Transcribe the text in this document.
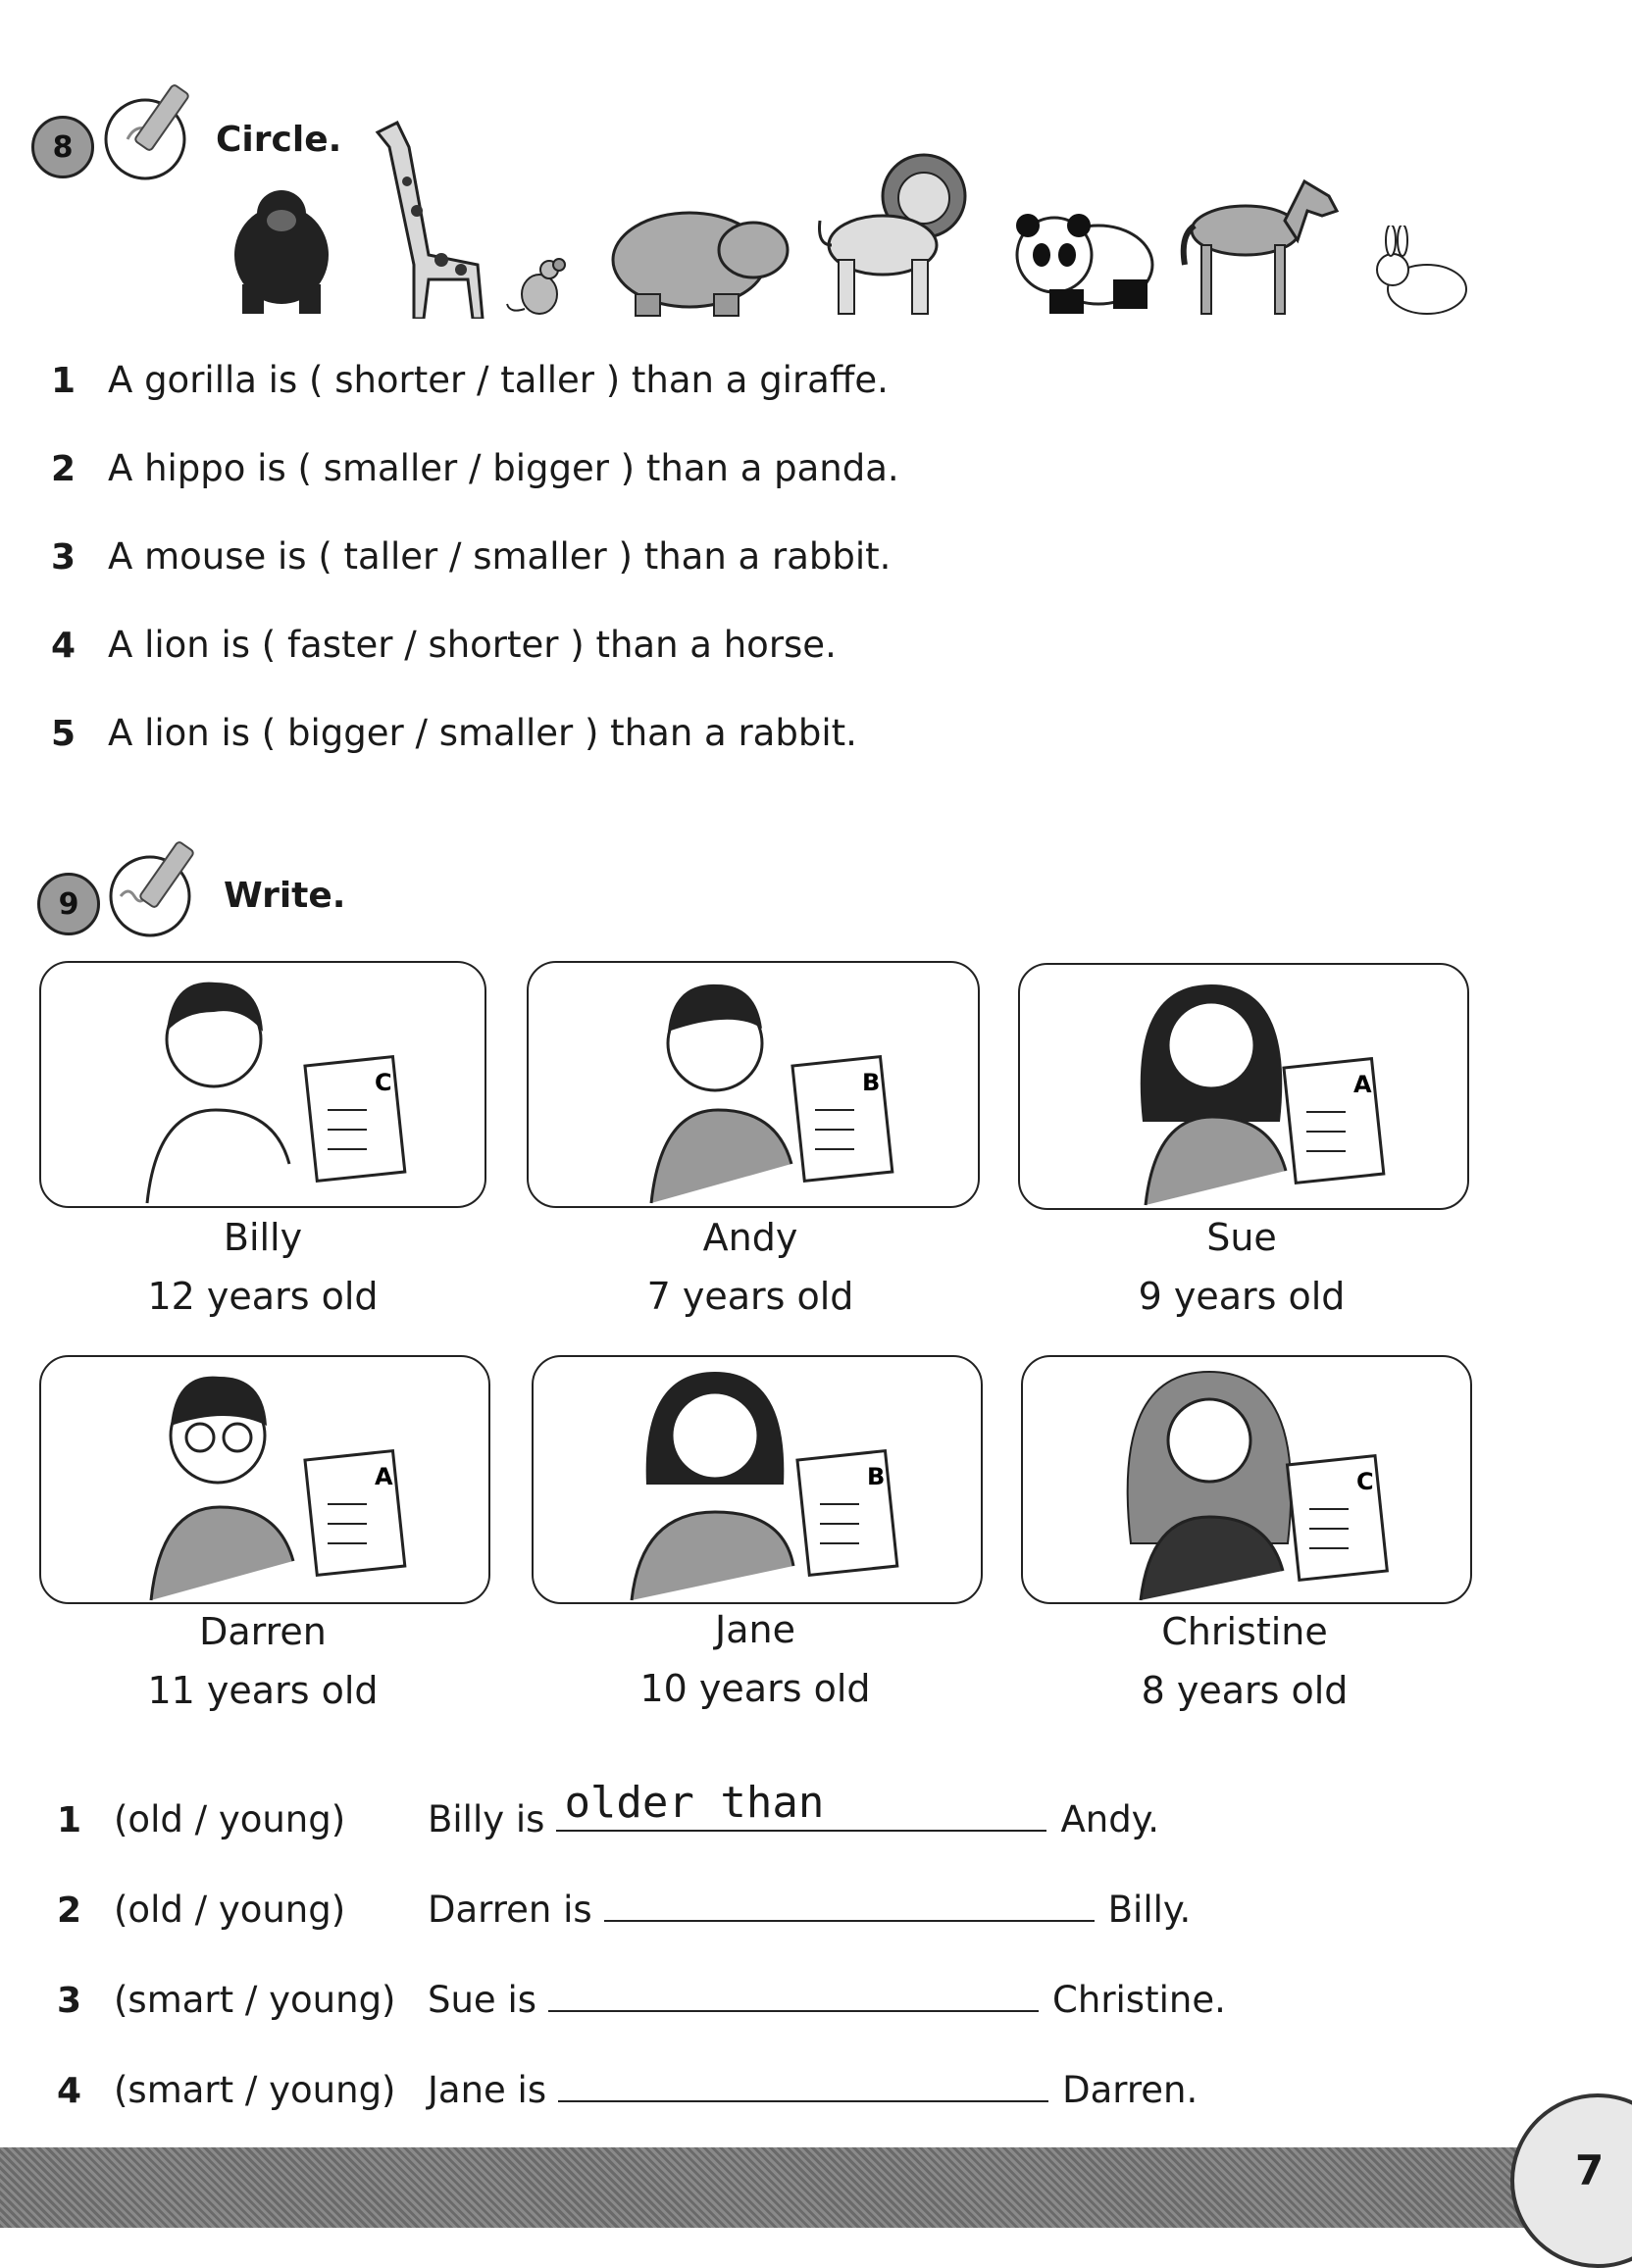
8	Circle.
1 A gorilla is ( shorter / taller ) than a giraffe.
2 A hippo is ( smaller / bigger ) than a panda.
3 A mouse is ( taller / smaller ) than a rabbit.
4 A lion is ( faster / shorter ) than a horse.
5 A lion is ( bigger / smaller ) than a rabbit.
9	Write.
C	B	A
Billy
12 years old
Andy
7 years old
Sue
9 years old
A	B	C
Darren
11 years old
Jane
10 years old
Christine
8 years old
1 (old / young)	Billy is older than	Andy.
2 (old / young)	Darren is	Billy.
3 (smart / young) Sue is	Christine.
4 (smart / young) Jane is	Darren.
7
